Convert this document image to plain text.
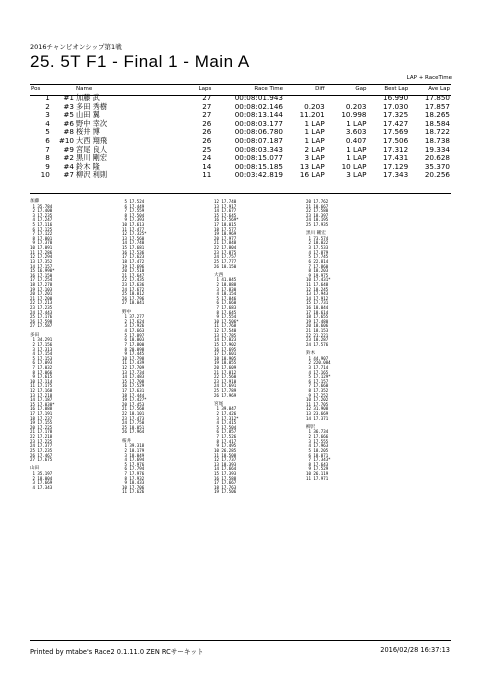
2016チャンピオンシップ第1戦
25. 5T F1 - Final 1 - Main A
LAP + RaceTime
Pos		Name	Laps	Race Time	Diff	Gap	Best Lap	Ave Lap
1	#1	加藤 武	27	00:08:01.943			16.990	17.850
2	#3	多田 秀樹	27	00:08:02.146	0.203	0.203	17.030	17.857
3	#5	山田 翼	27	00:08:13.144	11.201	10.998	17.325	18.265
4	#6	野中 幸次	26	00:08:03.177	1 LAP	1 LAP	17.427	18.584
5	#8	桜井 博	26	00:08:06.780	1 LAP	3.603	17.569	18.722
6	#10	大西 翔飛	26	00:08:07.187	1 LAP	0.407	17.506	18.738
7	#9	宮尾 良人	25	00:08:03.343	2 LAP	1 LAP	17.312	19.334
8	#2	黒川 剛宏	24	00:08:15.077	3 LAP	1 LAP	17.431	20.628
9	#4	鈴木 隆	14	00:08:15.185	13 LAP	10 LAP	17.129	35.370
10	#7	柳沢 利則	11	00:03:42.819	16 LAP	3 LAP	17.343	20.256
加藤
1 35.784
2 17.400
3 17.235
4 17.247
5 17.116
6 17.125
7 17.122
8 17.001
9 17.370
10 17.091
11 17.286
12 17.294
13 17.352
14 17.157
15 16.990*
16 17.150
17 17.254
18 17.278
19 17.103
20 17.201
21 17.200
22 17.213
23 17.235
24 17.443
25 17.176
26 17.598
27 17.587
多田
1 34.291
2 17.156
3 17.313
4 17.154
5 17.153
6 17.093
7 17.032
8 17.066
9 17.615
10 17.114
11 17.175
12 17.168
13 17.218
14 17.187
15 17.030*
16 17.088
17 17.191
18 17.237
19 17.155
20 17.225
21 17.178
22 17.218
23 17.225
24 17.377
25 17.235
26 17.467
27 17.675
山田
1 35.197
2 18.004
3 17.669
4 17.343
5 17.524
6 17.449
7 17.559
8 17.504
9 17.393
10 17.613
11 17.477
12 17.325*
13 17.560
14 17.740
15 17.681
16 17.536
17 17.623
18 17.472
19 17.696
20 17.510
21 17.647
22 17.435
23 17.636
24 17.672
25 18.012
26 17.796
27 18.041
野中
1 37.277
2 17.624
3 17.926
4 17.663
5 17.897
6 18.003
7 17.800
8 20.098
9 17.445
10 17.798
11 17.439
12 17.709
13 17.734
14 17.483
15 17.708
16 17.529
17 17.631
18 17.444
19 17.427*
20 17.453
21 17.560
22 18.101
23 17.473
24 17.750
25 18.051
26 17.964
桜井
1 39.318
2 18.179
3 18.049
4 17.694
5 17.976
6 17.794
7 17.976
8 17.932
9 18.433
10 17.706
11 17.626
12 17.740
13 17.917
14 17.677
15 17.645
16 17.569*
17 18.015
18 17.577
19 18.969
20 17.977
21 17.848
22 17.804
23 17.875
24 17.757
25 17.777
26 18.150
大西
1 41.045
2 18.888
3 17.830
4 18.154
5 17.846
6 17.660
7 17.683
8 17.645
9 17.554
10 17.506*
11 17.768
12 17.540
13 17.785
14 17.823
15 17.902
16 17.695
17 17.601
18 18.905
19 18.055
20 17.609
21 17.812
22 17.560
23 17.910
24 17.691
25 17.789
26 17.969
宮尾
1 39.047
2 17.426
3 17.312*
4 17.415
5 17.504
6 17.857
7 17.526
8 17.417
9 17.495
10 26.285
11 18.508
12 17.737
13 18.393
14 17.664
15 17.393
16 17.588
17 17.667
18 17.763
19 17.506
20 17.762
21 18.667
22 17.580
23 18.397
24 18.195
25 17.935
黒川 剛宏
1 73.574
2 18.022
3 17.533
4 17.879
5 17.745
6 22.814
7 17.860
8 18.203
9 19.975
10 17.431*
11 17.648
12 18.245
13 17.943
14 17.912
15 17.731
16 18.044
17 18.614
18 17.655
19 17.480
20 18.606
21 18.153
22 21.221
23 18.287
24 17.576
鈴木
1 44.907
2 220.084
3 17.714
4 17.165
5 17.129*
6 17.157
7 17.660
8 17.352
9 17.252
10 17.202
11 17.705
12 31.908
13 23.669
14 17.371
柳沢
1 36.734
2 17.666
3 17.555
4 17.963
5 18.205
6 18.071
7 17.343*
8 17.643
9 17.529
10 26.119
11 17.971
Printed by mtabe's Race2 0.1.11.0 ZEN RCサーキット	2016/02/28 16:37:13
